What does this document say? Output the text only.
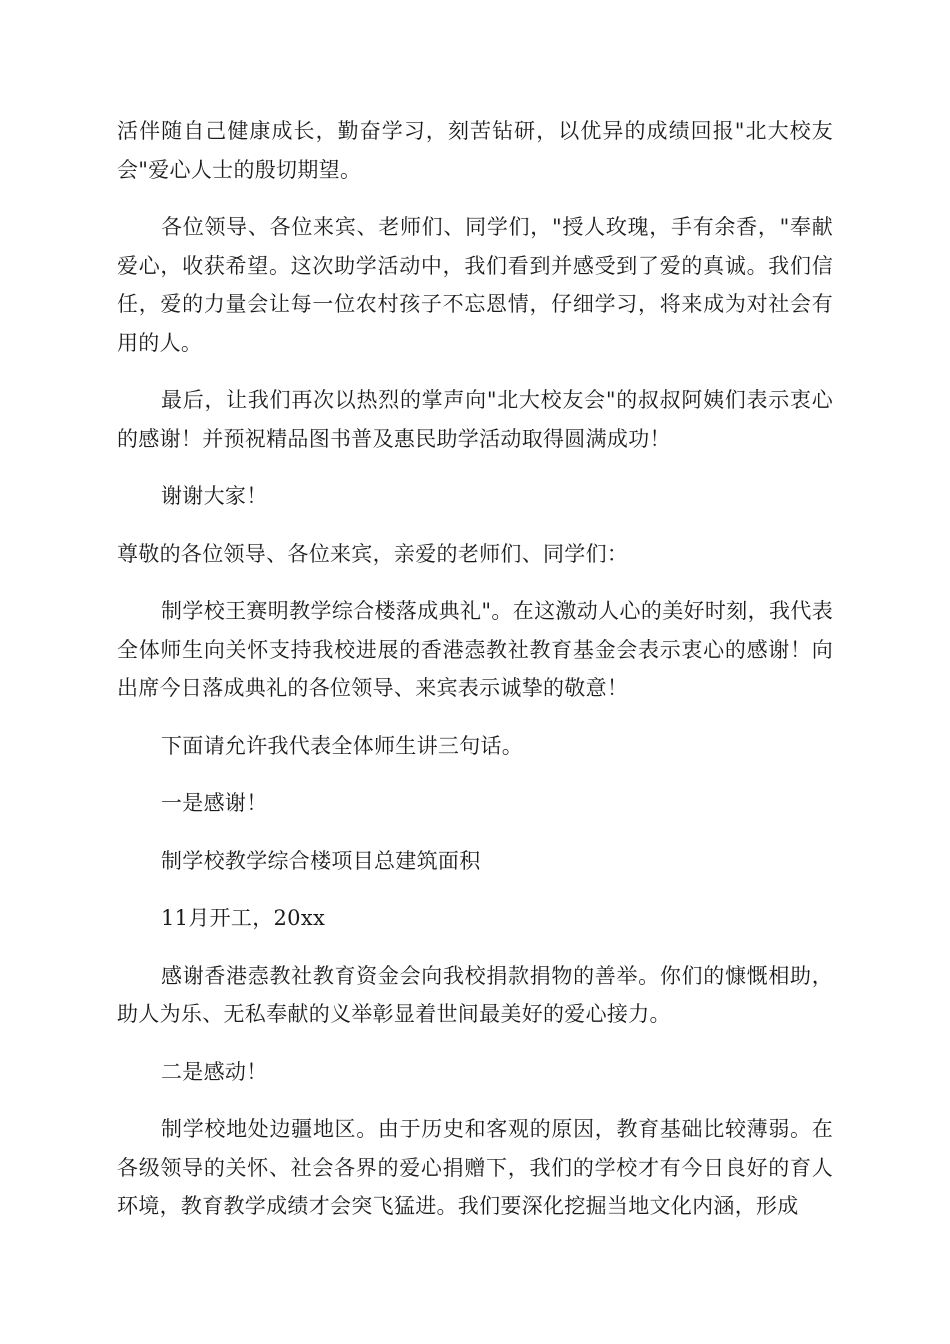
活伴随自己健康成长，勤奋学习，刻苦钻研，以优异的成绩回报"北大校友会"爱心人士的殷切期望。

各位领导、各位来宾、老师们、同学们，"授人玫瑰，手有余香，"奉献爱心，收获希望。这次助学活动中，我们看到并感受到了爱的真诚。我们信任，爱的力量会让每一位农村孩子不忘恩情，仔细学习，将来成为对社会有用的人。

最后，让我们再次以热烈的掌声向"北大校友会"的叔叔阿姨们表示衷心的感谢！并预祝精品图书普及惠民助学活动取得圆满成功！

谢谢大家！

尊敬的各位领导、各位来宾，亲爱的老师们、同学们：

制学校王赛明教学综合楼落成典礼"。在这激动人心的美好时刻，我代表全体师生向关怀支持我校进展的香港悫教社教育基金会表示衷心的感谢！向出席今日落成典礼的各位领导、来宾表示诚挚的敬意！

下面请允许我代表全体师生讲三句话。

一是感谢！

制学校教学综合楼项目总建筑面积

11月开工，20xx

感谢香港悫教社教育资金会向我校捐款捐物的善举。你们的慷慨相助，助人为乐、无私奉献的义举彰显着世间最美好的爱心接力。

二是感动！

制学校地处边疆地区。由于历史和客观的原因，教育基础比较薄弱。在各级领导的关怀、社会各界的爱心捐赠下，我们的学校才有今日良好的育人环境，教育教学成绩才会突飞猛进。我们要深化挖掘当地文化内涵，形成
